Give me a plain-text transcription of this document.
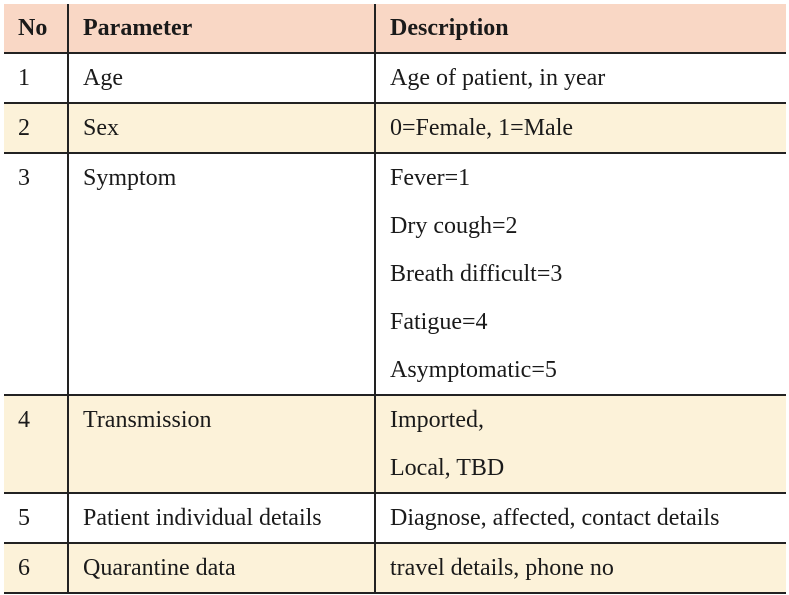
No	Parameter	Description
1	Age	Age of patient, in year

2	Sex	0=Female, 1=Male

3	Symptom	Fever=1
Dry cough=2
Breath difficult=3
Fatigue=4
Asymptomatic=5

4	Transmission	Imported,
Local, TBD

5	Patient individual details	Diagnose, affected, contact details

6	Quarantine data	travel details, phone no
